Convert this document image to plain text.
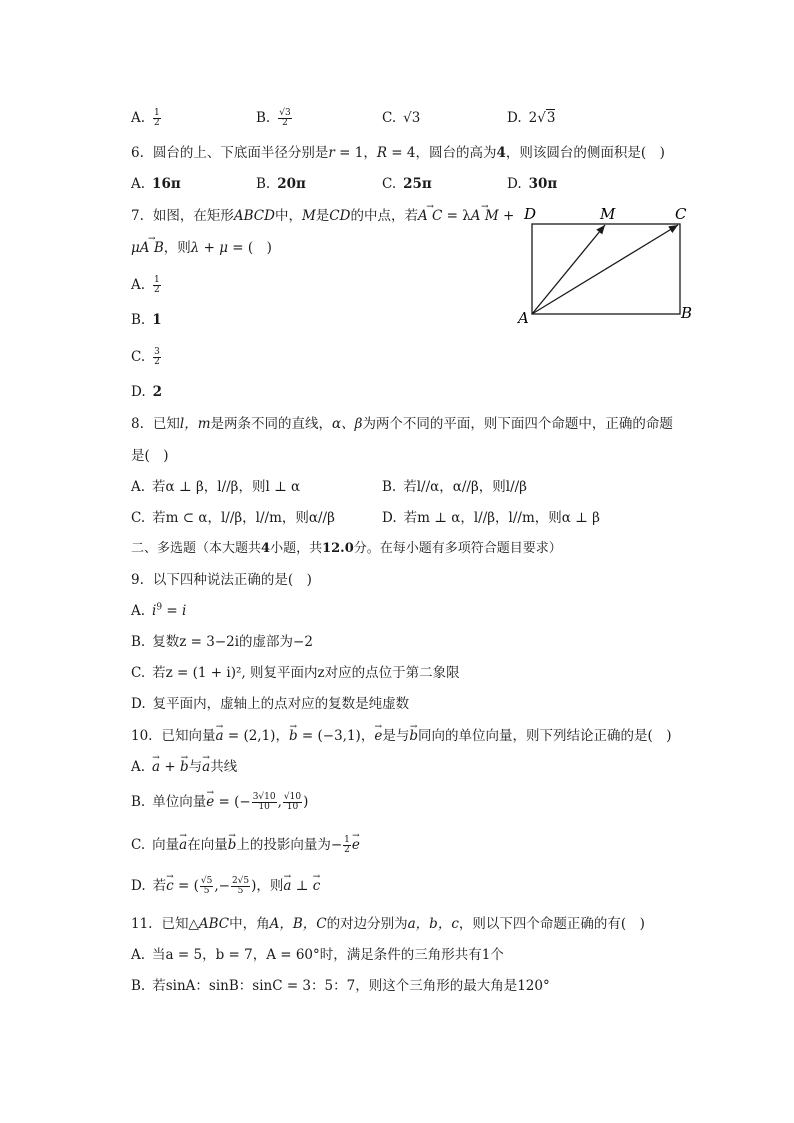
A. $\frac{1}{2}$	B. $\frac{√3}{2}$	C. √3	D. 2√3
6. 圆台的上、下底面半径分别是r = 1，R = 4，圆台的高为4，则该圆台的侧面积是(　)
A. 16π	B. 20π	C. 25π	D. 30π
7. 如图，在矩形ABCD中，M是CD的中点，若→ A C = λ→ A M +
μ→ A B，则λ + μ = (　)
A. $\frac{1}{2}$
B. 1
C. $\frac{3}{2}$
D. 2
D	M	C
A	B
8. 已知l，m是两条不同的直线，α、β为两个不同的平面，则下面四个命题中，正确的命题
是(　)
A. 若α ⊥ β，l//β，则l ⊥ α	B. 若l//α，α//β，则l//β
C. 若m ⊂ α，l//β，l//m，则α//β	D. 若m ⊥ α，l//β，l//m，则α ⊥ β
二、多选题（本大题共4小题，共12.0分。在每小题有多项符合题目要求）
9. 以下四种说法正确的是(　)
A. $i^9 = i$
B. 复数z = 3−2i的虚部为−2
C. 若z = (1 + i)², 则复平面内z对应的点位于第二象限
D. 复平面内，虚轴上的点对应的复数是纯虚数
10. 已知向量→ a = (2,1)，→ b = (−3,1)，→ e是与→ b同向的单位向量，则下列结论正确的是(　)
A. → a + → b与→ a共线
B. 单位向量→ e = (− $\frac{3√10}{10}$ , $\frac{√10}{10}$ )
C. 向量→ a在向量→ b上的投影向量为− $\frac{1}{2} \to e$
D. 若→ c = ( $\frac{√5}{5}$ ,− $\frac{2√5}{5}$ )，则→ a ⊥ → c
11. 已知△ABC中，角A，B，C的对边分别为a，b，c，则以下四个命题正确的有(　)
A. 当a = 5，b = 7，A = 60°时，满足条件的三角形共有1个
B. 若sinA：sinB：sinC = 3：5：7，则这个三角形的最大角是120°
